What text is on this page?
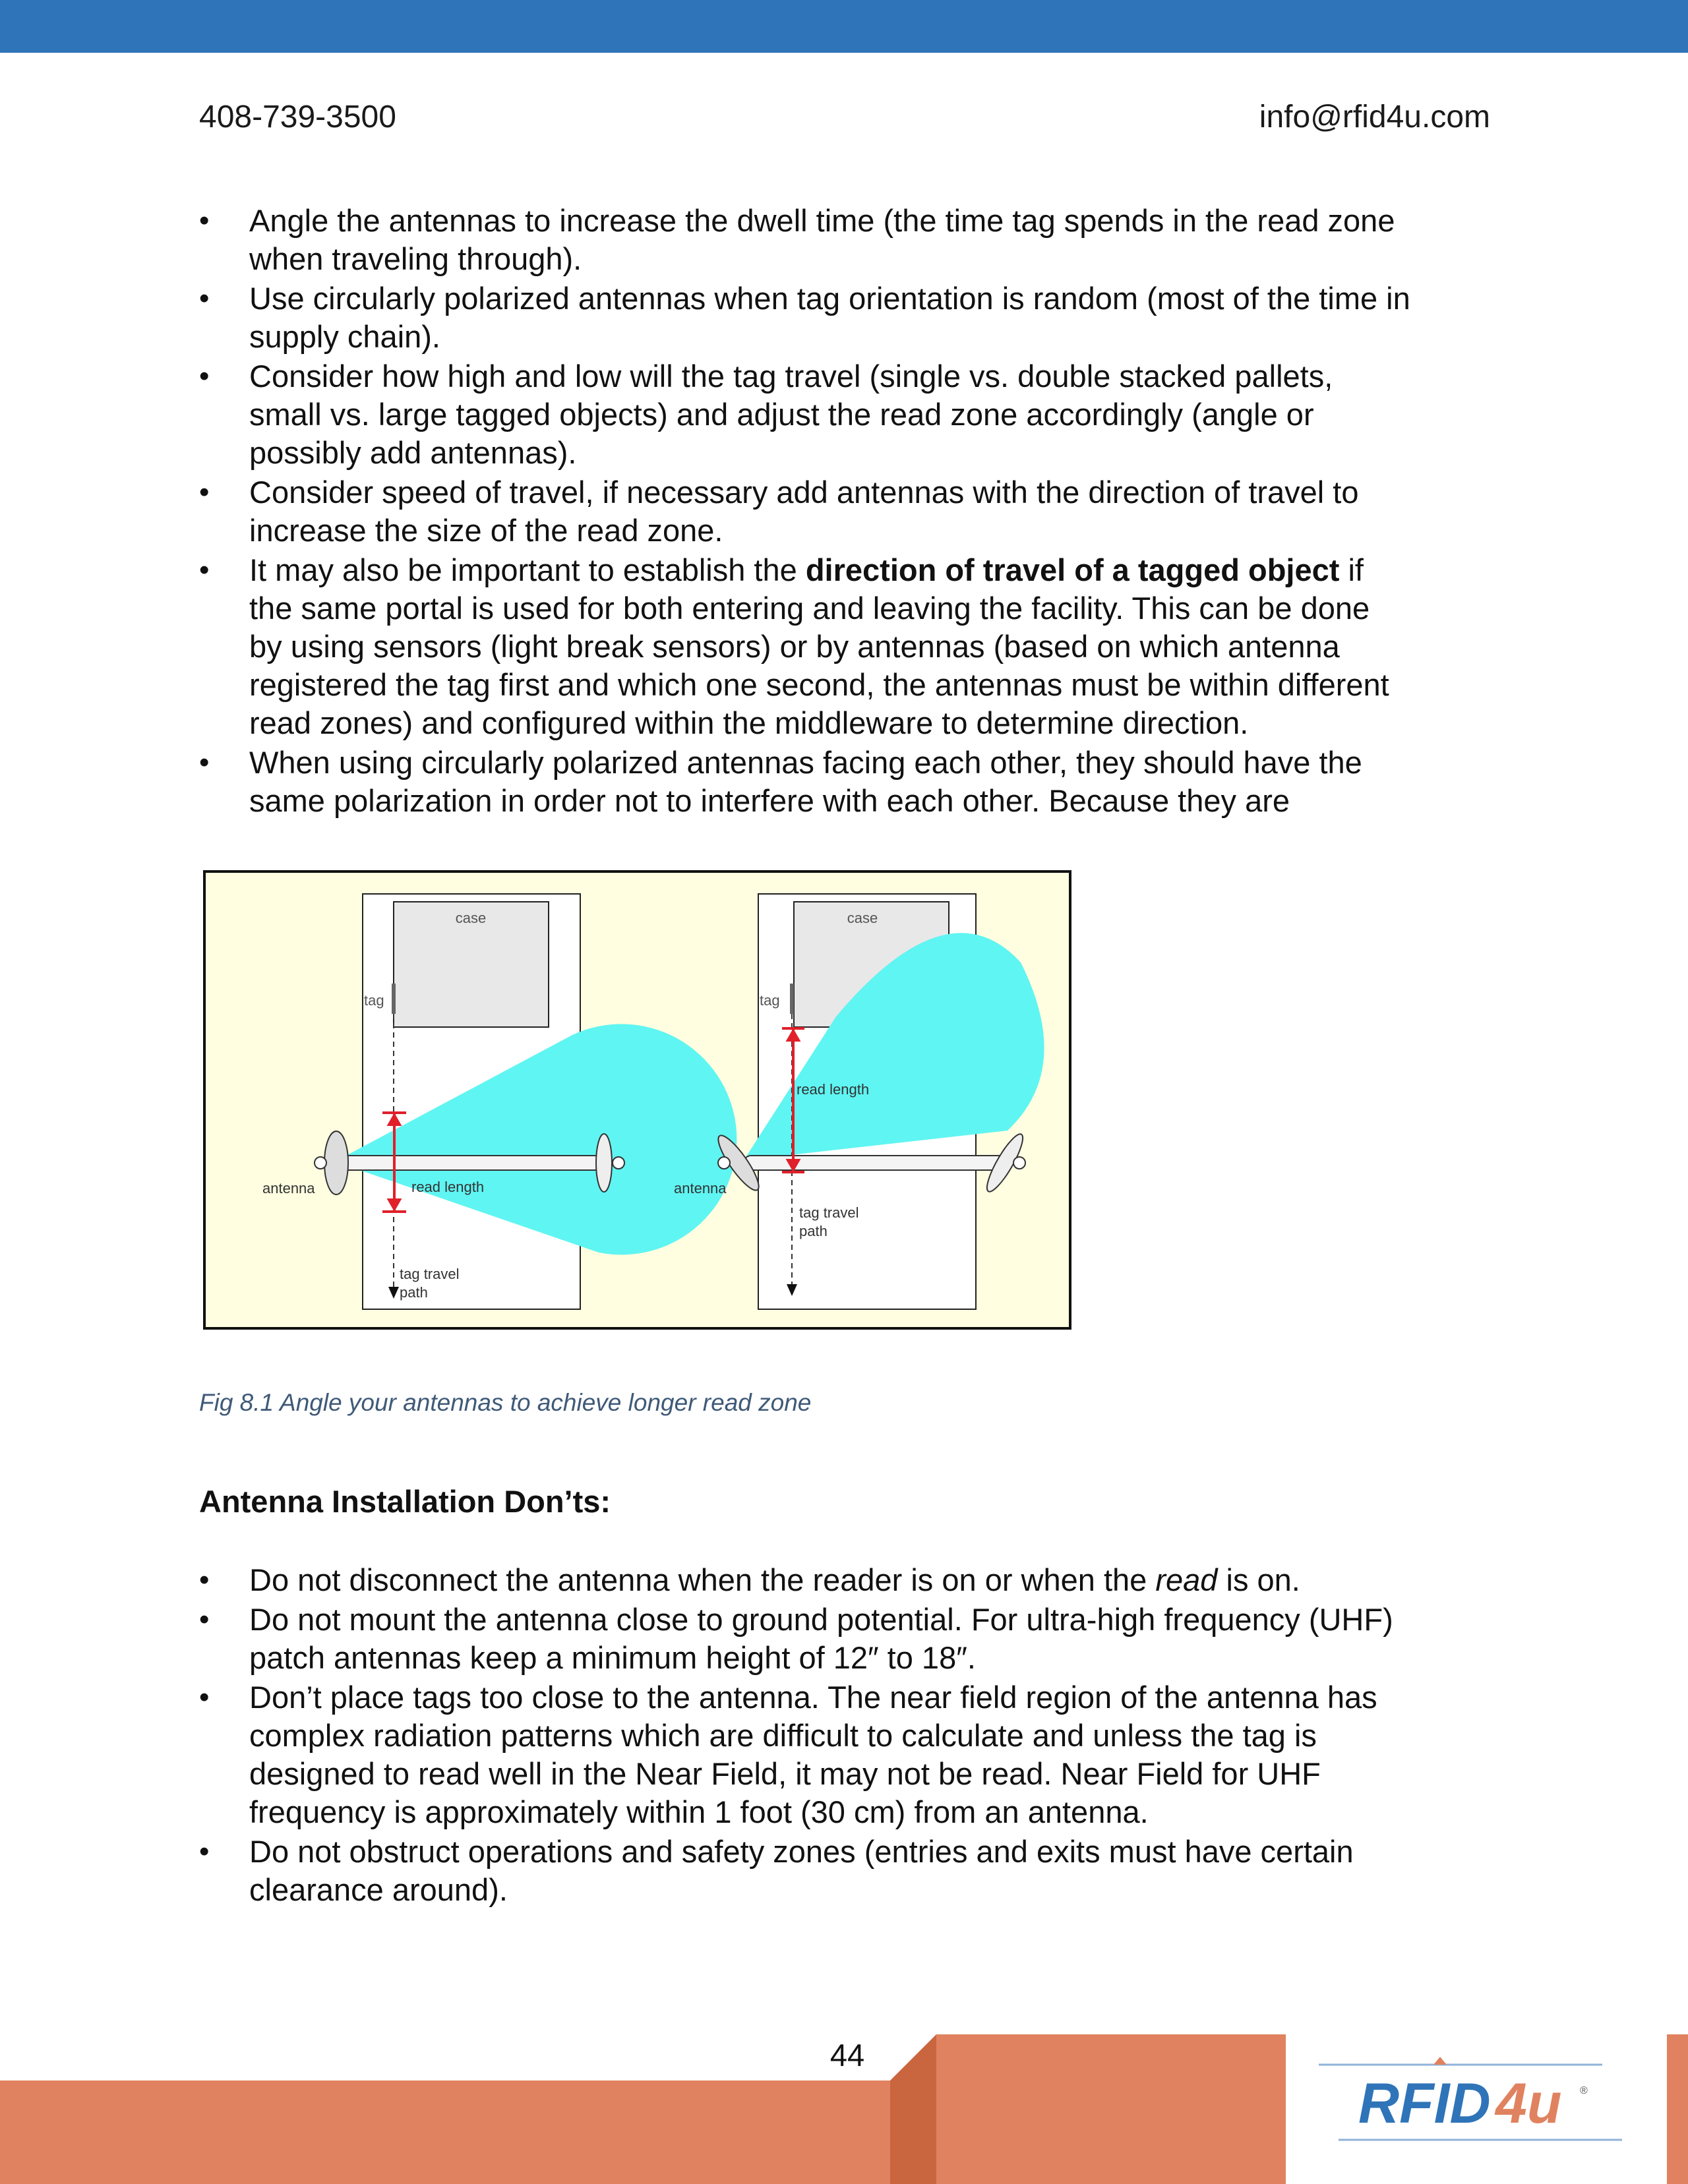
408-739-3500	info@rfid4u.com
• Angle the antennas to increase the dwell time (the time tag spends in the read zone
when traveling through).
• Use circularly polarized antennas when tag orientation is random (most of the time in
supply chain).
• Consider how high and low will the tag travel (single vs. double stacked pallets,
small vs. large tagged objects) and adjust the read zone accordingly (angle or
possibly add antennas).
• Consider speed of travel, if necessary add antennas with the direction of travel to
increase the size of the read zone.
• It may also be important to establish the direction of travel of a tagged object if
the same portal is used for both entering and leaving the facility. This can be done
by using sensors (light break sensors) or by antennas (based on which antenna
registered the tag first and which one second, the antennas must be within different
read zones) and configured within the middleware to determine direction.
• When using circularly polarized antennas facing each other, they should have the
same polarization in order not to interfere with each other. Because they are
case
tag
read length
antenna
tag travel
path
case
tag
read length
antenna
tag travel
path
Fig 8.1 Angle your antennas to achieve longer read zone
Antenna Installation Don’ts:
• Do not disconnect the antenna when the reader is on or when the read is on.
• Do not mount the antenna close to ground potential. For ultra-high frequency (UHF)
patch antennas keep a minimum height of 12″ to 18″.
• Don’t place tags too close to the antenna. The near field region of the antenna has
complex radiation patterns which are difficult to calculate and unless the tag is
designed to read well in the Near Field, it may not be read. Near Field for UHF
frequency is approximately within 1 foot (30 cm) from an antenna.
• Do not obstruct operations and safety zones (entries and exits must have certain
clearance around).
44
RFID 4u ®
